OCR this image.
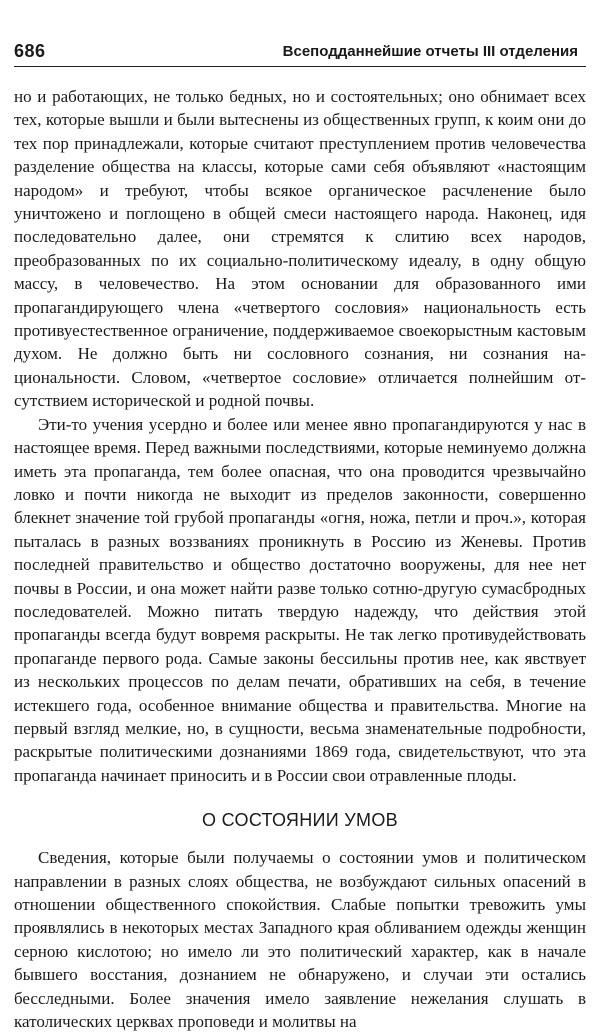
686	Всеподданнейшие отчеты III отделения

но и работающих, не только бедных, но и состоятельных; оно обнимает всех тех, которые вышли и были вытеснены из общественных групп, к коим они до тех пор принадлежали, которые считают преступлением против человечества разделение общества на классы, которые сами себя объявляют «настоящим народом» и требуют, чтобы всякое органическое расчленение было уничтожено и поглощено в общей смеси настоящего народа. Наконец, идя последовательно далее, они стремятся к слитию всех народов, преобразованных по их социально-политическому идеалу, в одну общую массу, в человечество. На этом основании для образованного ими пропагандирующего члена «четвертого сословия» национальность есть противуестественное ограничение, поддерживаемое своекорыстным кастовым духом. Не должно быть ни сословного сознания, ни сознания национальности. Словом, «четвертое сословие» отличается полнейшим отсутствием исторической и родной почвы.

Эти-то учения усердно и более или менее явно пропагандируются у нас в настоящее время. Перед важными последствиями, которые неминуемо должна иметь эта пропаганда, тем более опасная, что она проводится чрезвычайно ловко и почти никогда не выходит из пределов законности, совершенно блекнет значение той грубой пропаганды «огня, ножа, петли и проч.», которая пыталась в разных воззваниях проникнуть в Россию из Женевы. Против последней правительство и общество достаточно вооружены, для нее нет почвы в России, и она может найти разве только сотню-другую сумасбродных последователей. Можно питать твердую надежду, что действия этой пропаганды всегда будут вовремя раскрыты. Не так легко противудействовать пропаганде первого рода. Самые законы бессильны против нее, как явствует из нескольких процессов по делам печати, обративших на себя, в течение истекшего года, особенное внимание общества и правительства. Многие на первый взгляд мелкие, но, в сущности, весьма знаменательные подробности, раскрытые политическими дознаниями 1869 года, свидетельствуют, что эта пропаганда начинает приносить и в России свои отравленные плоды.

О СОСТОЯНИИ УМОВ

Сведения, которые были получаемы о состоянии умов и политическом направлении в разных слоях общества, не возбуждают сильных опасений в отношении общественного спокойствия. Слабые попытки тревожить умы проявлялись в некоторых местах Западного края обливанием одежды женщин серною кислотою; но имело ли это политический характер, как в начале бывшего восстания, дознанием не обнаружено, и случаи эти остались бесследными. Более значения имело заявление нежелания слушать в католических церквах проповеди и молитвы на
